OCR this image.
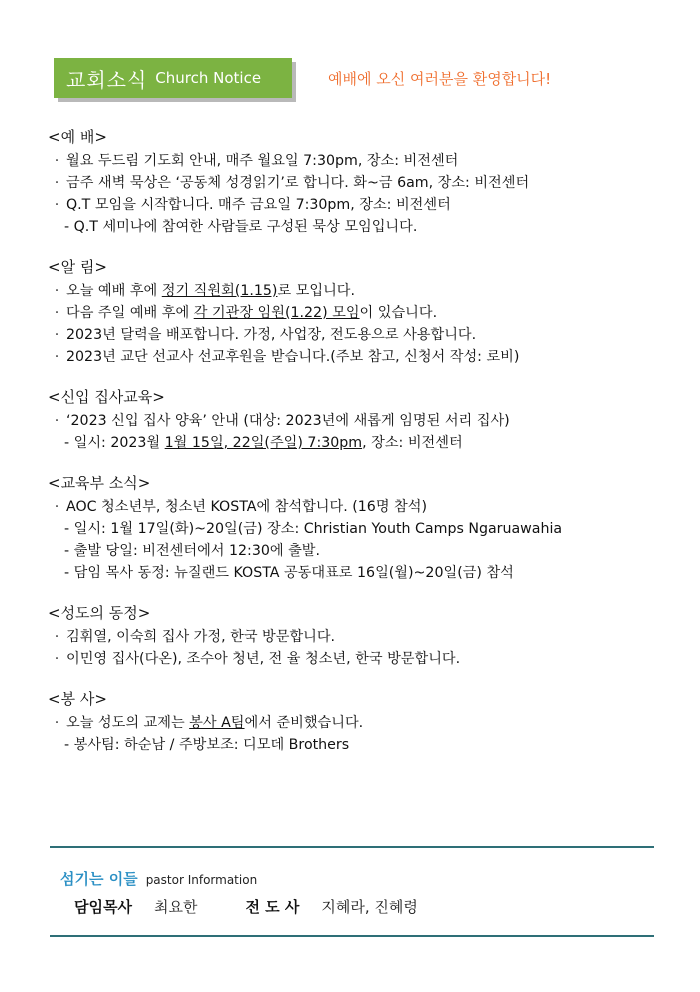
교회소식 Church Notice	예배에 오신 여러분을 환영합니다!
<예 배>
· 월요 두드림 기도회 안내, 매주 월요일 7:30pm, 장소: 비전센터
· 금주 새벽 묵상은 ‘공동체 성경읽기’로 합니다. 화~금 6am, 장소: 비전센터
· Q.T 모임을 시작합니다. 매주 금요일 7:30pm, 장소: 비전센터
- Q.T 세미나에 참여한 사람들로 구성된 묵상 모임입니다.
<알 림>
· 오늘 예배 후에 정기 직원회(1.15)로 모입니다.
· 다음 주일 예배 후에 각 기관장 임원(1.22) 모임이 있습니다.
· 2023년 달력을 배포합니다. 가정, 사업장, 전도용으로 사용합니다.
· 2023년 교단 선교사 선교후원을 받습니다.(주보 참고, 신청서 작성: 로비)
<신입 집사교육>
· ‘2023 신입 집사 양육’ 안내 (대상: 2023년에 새롭게 임명된 서리 집사)
- 일시: 2023월 1월 15일, 22일(주일) 7:30pm, 장소: 비전센터
<교육부 소식>
· AOC 청소년부, 청소년 KOSTA에 참석합니다. (16명 참석)
- 일시: 1월 17일(화)~20일(금) 장소: Christian Youth Camps Ngaruawahia
- 출발 당일: 비전센터에서 12:30에 출발.
- 담임 목사 동정: 뉴질랜드 KOSTA 공동대표로 16일(월)~20일(금) 참석
<성도의 동정>
· 김휘열, 이숙희 집사 가정, 한국 방문합니다.
· 이민영 집사(다온), 조수아 청년, 전 율 청소년, 한국 방문합니다.
<봉 사>
· 오늘 성도의 교제는 봉사 A팀에서 준비했습니다.
- 봉사팀: 하순남 / 주방보조: 디모데 Brothers
섬기는 이들 pastor Information
담임목사 최요한	전 도 사 지혜라, 진혜령
